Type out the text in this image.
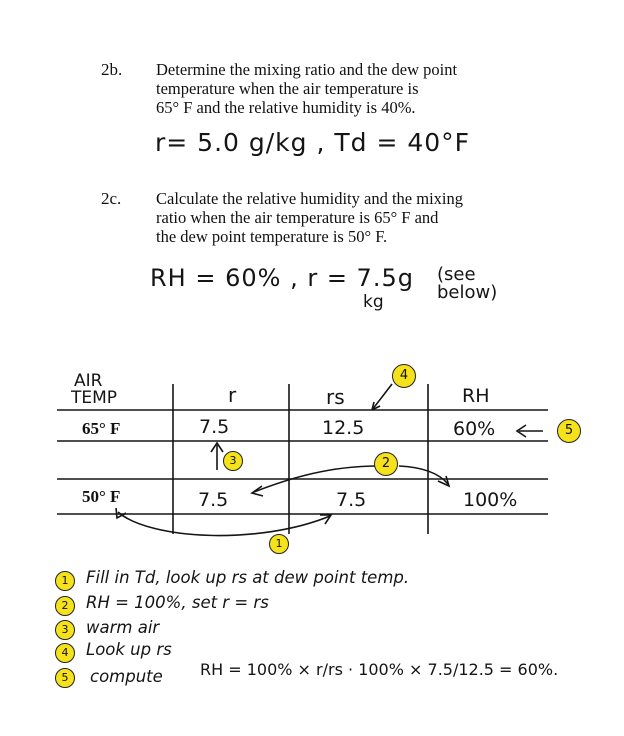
2b. Determine the mixing ratio and the dew point
temperature when the air temperature is
65° F and the relative humidity is 40%.
r= 5.0 g/kg , Td = 40°F
2c. Calculate the relative humidity and the mixing
ratio when the air temperature is 65° F and
the dew point temperature is 50° F.
RH = 60% , r = 7.5g
kg
(see below)
AIR
TEMP	r	rs	RH
65° F	7.5	12.5	60%
50° F	7.5	7.5	100%
4
5
3	2
1
1	Fill in Td, look up rs at dew point temp.
2	RH = 100%, set r = rs
3	warm air
4	Look up rs
5	compute RH = 100% × r/rs · 100% × 7.5/12.5 = 60%.
